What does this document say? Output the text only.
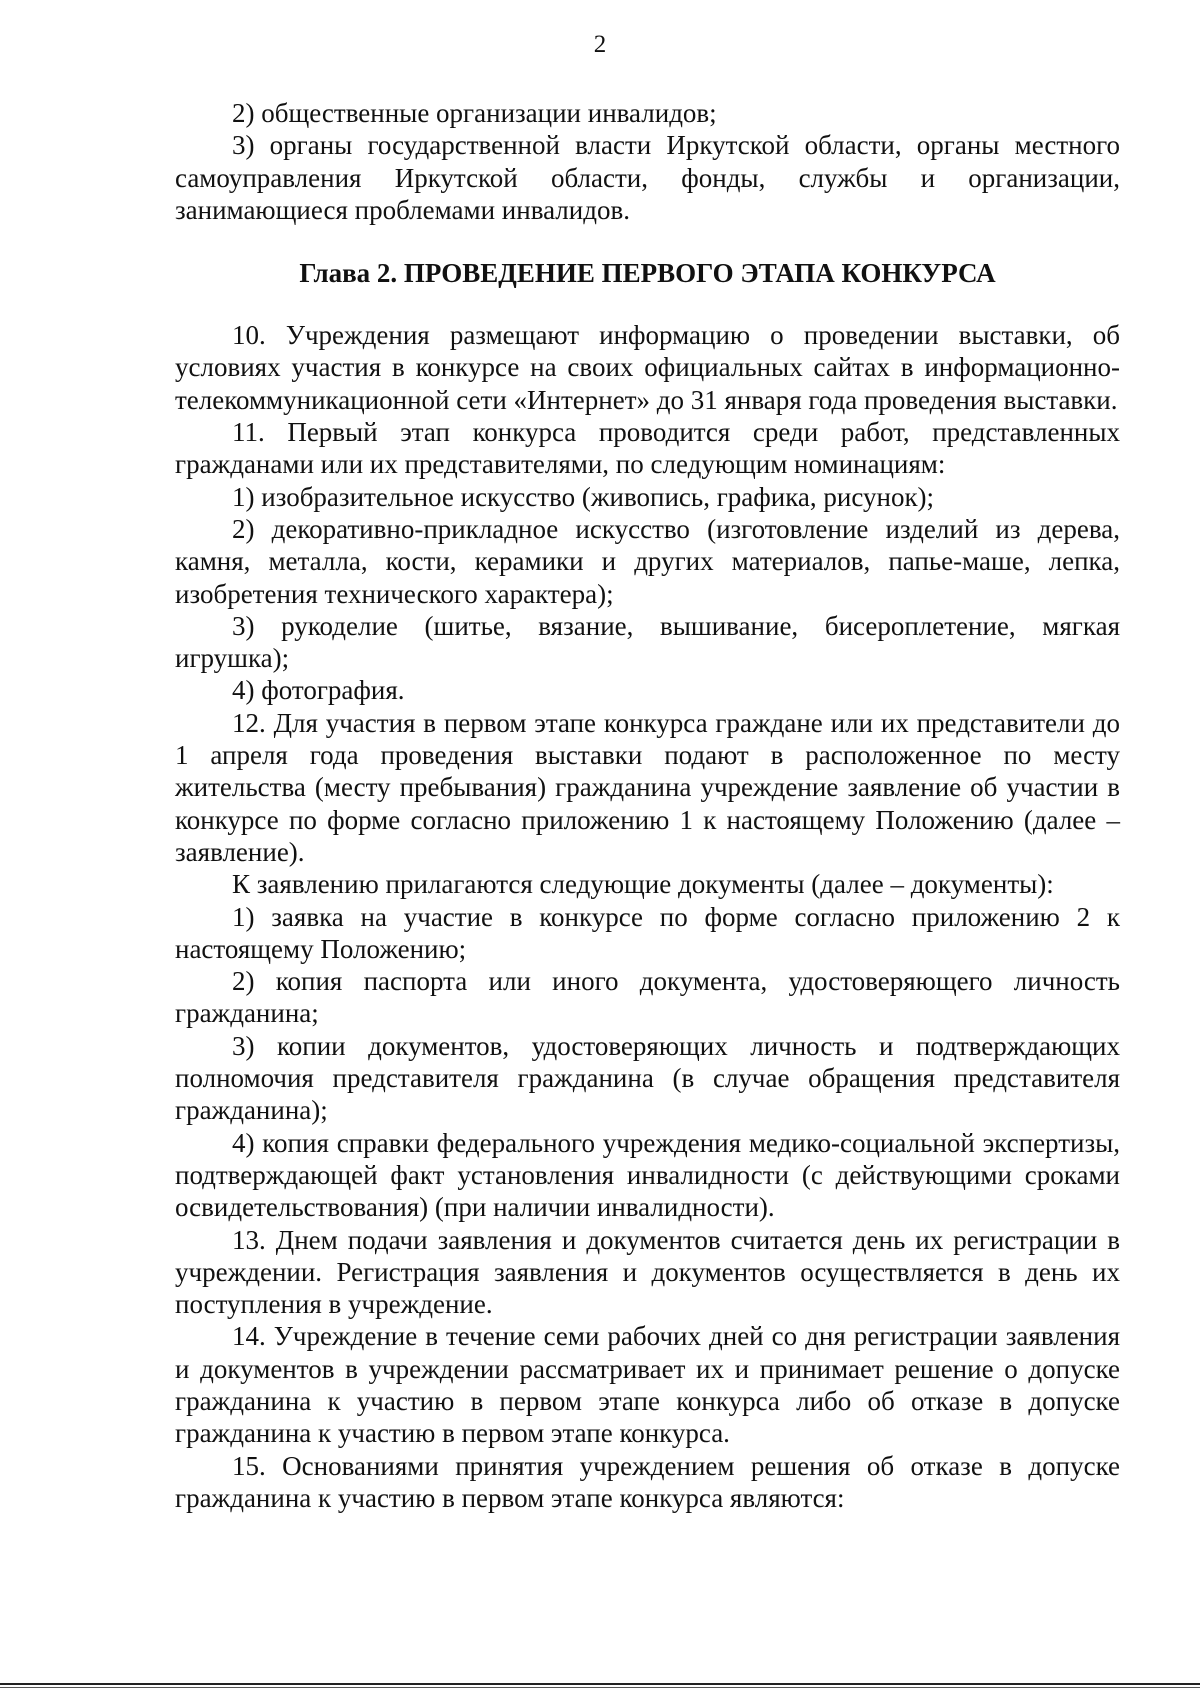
2

2) общественные организации инвалидов;

3) органы государственной власти Иркутской области, органы местного самоуправления Иркутской области, фонды, службы и организации, занимающиеся проблемами инвалидов.

Глава 2. ПРОВЕДЕНИЕ ПЕРВОГО ЭТАПА КОНКУРСА

10. Учреждения размещают информацию о проведении выставки, об условиях участия в конкурсе на своих официальных сайтах в информационно-телекоммуникационной сети «Интернет» до 31 января года проведения выставки.

11. Первый этап конкурса проводится среди работ, представленных гражданами или их представителями, по следующим номинациям:

1) изобразительное искусство (живопись, графика, рисунок);

2) декоративно-прикладное искусство (изготовление изделий из дерева, камня, металла, кости, керамики и других материалов, папье-маше, лепка, изобретения технического характера);

3) рукоделие (шитье, вязание, вышивание, бисероплетение, мягкая игрушка);

4) фотография.

12. Для участия в первом этапе конкурса граждане или их представители до 1 апреля года проведения выставки подают в расположенное по месту жительства (месту пребывания) гражданина учреждение заявление об участии в конкурсе по форме согласно приложению 1 к настоящему Положению (далее – заявление).

К заявлению прилагаются следующие документы (далее – документы):

1) заявка на участие в конкурсе по форме согласно приложению 2 к настоящему Положению;

2) копия паспорта или иного документа, удостоверяющего личность гражданина;

3) копии документов, удостоверяющих личность и подтверждающих полномочия представителя гражданина (в случае обращения представителя гражданина);

4) копия справки федерального учреждения медико-социальной экспертизы, подтверждающей факт установления инвалидности (с действующими сроками освидетельствования) (при наличии инвалидности).

13. Днем подачи заявления и документов считается день их регистрации в учреждении. Регистрация заявления и документов осуществляется в день их поступления в учреждение.

14. Учреждение в течение семи рабочих дней со дня регистрации заявления и документов в учреждении рассматривает их и принимает решение о допуске гражданина к участию в первом этапе конкурса либо об отказе в допуске гражданина к участию в первом этапе конкурса.

15. Основаниями принятия учреждением решения об отказе в допуске гражданина к участию в первом этапе конкурса являются:
